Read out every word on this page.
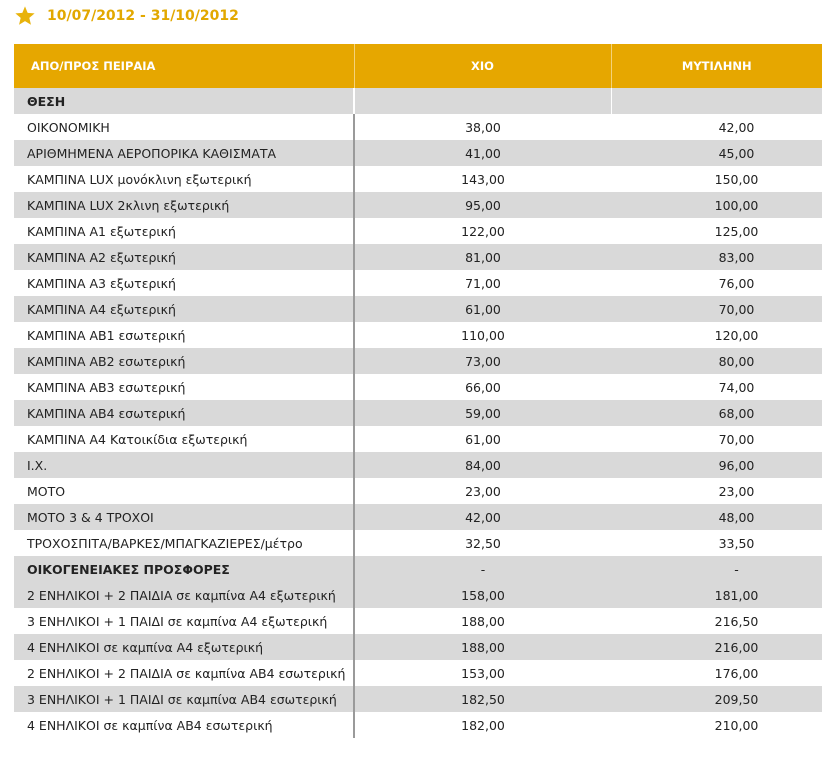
10/07/2012 - 31/10/2012
ΑΠΟ/ΠΡΟΣ ΠΕΙΡΑΙΑ	ΧΙΟ	ΜΥΤΙΛΗΝΗ
ΘΕΣΗ		
ΟΙΚΟΝΟΜΙΚΗ	38,00	42,00
ΑΡΙΘΜΗΜΕΝΑ ΑΕΡΟΠΟΡΙΚΑ ΚΑΘΙΣΜΑΤΑ	41,00	45,00
ΚΑΜΠΙΝΑ LUX μονόκλινη εξωτερική	143,00	150,00
ΚΑΜΠΙΝΑ LUX 2κλινη εξωτερική	95,00	100,00
ΚΑΜΠΙΝΑ Α1 εξωτερική	122,00	125,00
ΚΑΜΠΙΝΑ Α2 εξωτερική	81,00	83,00
ΚΑΜΠΙΝΑ Α3 εξωτερική	71,00	76,00
ΚΑΜΠΙΝΑ Α4 εξωτερική	61,00	70,00
ΚΑΜΠΙΝΑ ΑΒ1 εσωτερική	110,00	120,00
ΚΑΜΠΙΝΑ ΑΒ2 εσωτερική	73,00	80,00
ΚΑΜΠΙΝΑ ΑΒ3 εσωτερική	66,00	74,00
ΚΑΜΠΙΝΑ ΑΒ4 εσωτερική	59,00	68,00
ΚΑΜΠΙΝΑ Α4 Κατοικίδια εξωτερική	61,00	70,00
Ι.Χ.	84,00	96,00
ΜΟΤΟ	23,00	23,00
ΜΟΤΟ 3 & 4 ΤΡΟΧΟΙ	42,00	48,00
ΤΡΟΧΟΣΠΙΤΑ/ΒΑΡΚΕΣ/ΜΠΑΓΚΑΖΙΕΡΕΣ/μέτρο	32,50	33,50
ΟΙΚΟΓΕΝΕΙΑΚΕΣ ΠΡΟΣΦΟΡΕΣ	-	-
2 ΕΝΗΛΙΚΟΙ + 2 ΠΑΙΔΙΑ σε καμπίνα Α4 εξωτερική	158,00	181,00
3 ΕΝΗΛΙΚΟΙ + 1 ΠΑΙΔΙ σε καμπίνα Α4 εξωτερική	188,00	216,50
4 ΕΝΗΛΙΚΟΙ σε καμπίνα Α4 εξωτερική	188,00	216,00
2 ΕΝΗΛΙΚΟΙ + 2 ΠΑΙΔΙΑ σε καμπίνα ΑΒ4 εσωτερική	153,00	176,00
3 ΕΝΗΛΙΚΟΙ + 1 ΠΑΙΔΙ σε καμπίνα ΑΒ4 εσωτερική	182,50	209,50
4 ΕΝΗΛΙΚΟΙ σε καμπίνα ΑΒ4 εσωτερική	182,00	210,00
